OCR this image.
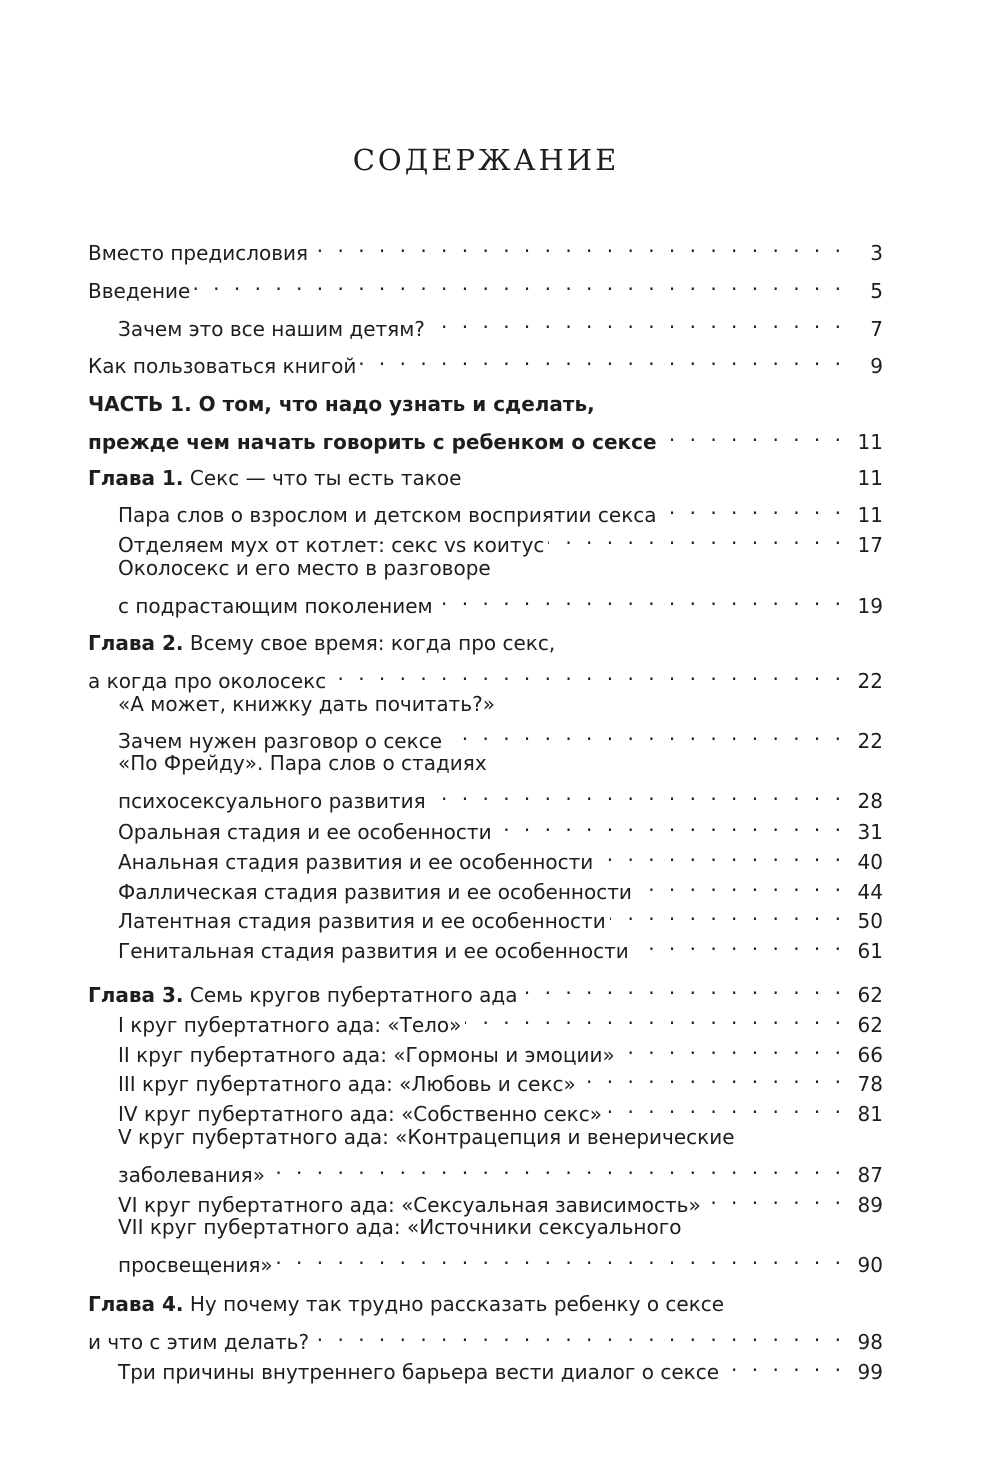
СОДЕРЖАНИЕ
Вместо предисловия . . .	3
Введение . . .	5
Зачем это все нашим детям? . . .	7
Как пользоваться книгой . . .	9
ЧАСТЬ 1. О том, что надо узнать и сделать,
прежде чем начать говорить с ребенком о сексе . . .	11
Глава 1. Секс — что ты есть такое	11
Пара слов о взрослом и детском восприятии секса . . .	11
Отделяем мух от котлет: секс vs коитус . . .	17
Околосекс и его место в разговоре
с подрастающим поколением . . .	19
Глава 2. Всему свое время: когда про секс,
а когда про околосекс . . .	22
«А может, книжку дать почитать?»
Зачем нужен разговор о сексе . . .	22
«По Фрейду». Пара слов о стадиях
психосексуального развития . . .	28
Оральная стадия и ее особенности . . .	31
Анальная стадия развития и ее особенности . . .	40
Фаллическая стадия развития и ее особенности . . .	44
Латентная стадия развития и ее особенности . . .	50
Генитальная стадия развития и ее особенности . . .	61
Глава 3. Семь кругов пубертатного ада . . .	62
I круг пубертатного ада: «Тело» . . .	62
II круг пубертатного ада: «Гормоны и эмоции» . . .	66
III круг пубертатного ада: «Любовь и секс» . . .	78
IV круг пубертатного ада: «Собственно секс» . . .	81
V круг пубертатного ада: «Контрацепция и венерические
заболевания» . . .	87
VI круг пубертатного ада: «Сексуальная зависимость» . . .	89
VII круг пубертатного ада: «Источники сексуального
просвещения» . . .	90
Глава 4. Ну почему так трудно рассказать ребенку о сексе
и что с этим делать? . . .	98
Три причины внутреннего барьера вести диалог о сексе . . .	99
